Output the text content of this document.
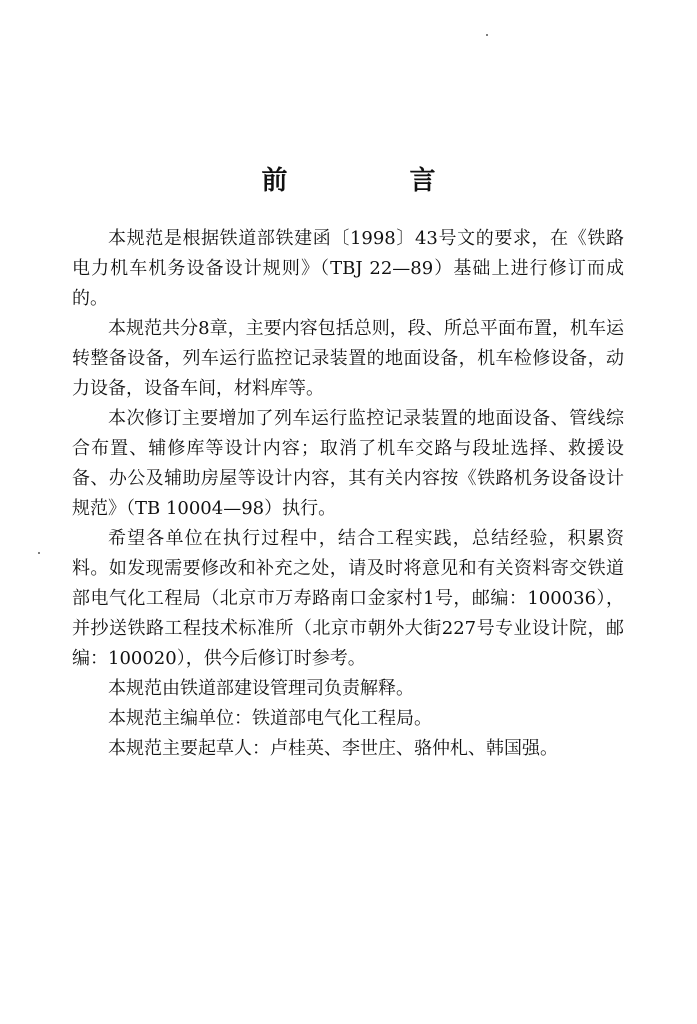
前　言

本规范是根据铁道部铁建函〔1998〕43号文的要求，在《铁路电力机车机务设备设计规则》（TBJ 22—89）基础上进行修订而成的。

本规范共分8章，主要内容包括总则，段、所总平面布置，机车运转整备设备，列车运行监控记录装置的地面设备，机车检修设备，动力设备，设备车间，材料库等。

本次修订主要增加了列车运行监控记录装置的地面设备、管线综合布置、辅修库等设计内容；取消了机车交路与段址选择、救援设备、办公及辅助房屋等设计内容，其有关内容按《铁路机务设备设计规范》（TB 10004—98）执行。

希望各单位在执行过程中，结合工程实践，总结经验，积累资料。如发现需要修改和补充之处，请及时将意见和有关资料寄交铁道部电气化工程局（北京市万寿路南口金家村1号，邮编：100036），并抄送铁路工程技术标准所（北京市朝外大街227号专业设计院，邮编：100020），供今后修订时参考。

本规范由铁道部建设管理司负责解释。

本规范主编单位：铁道部电气化工程局。

本规范主要起草人：卢桂英、李世庄、骆仲札、韩国强。
